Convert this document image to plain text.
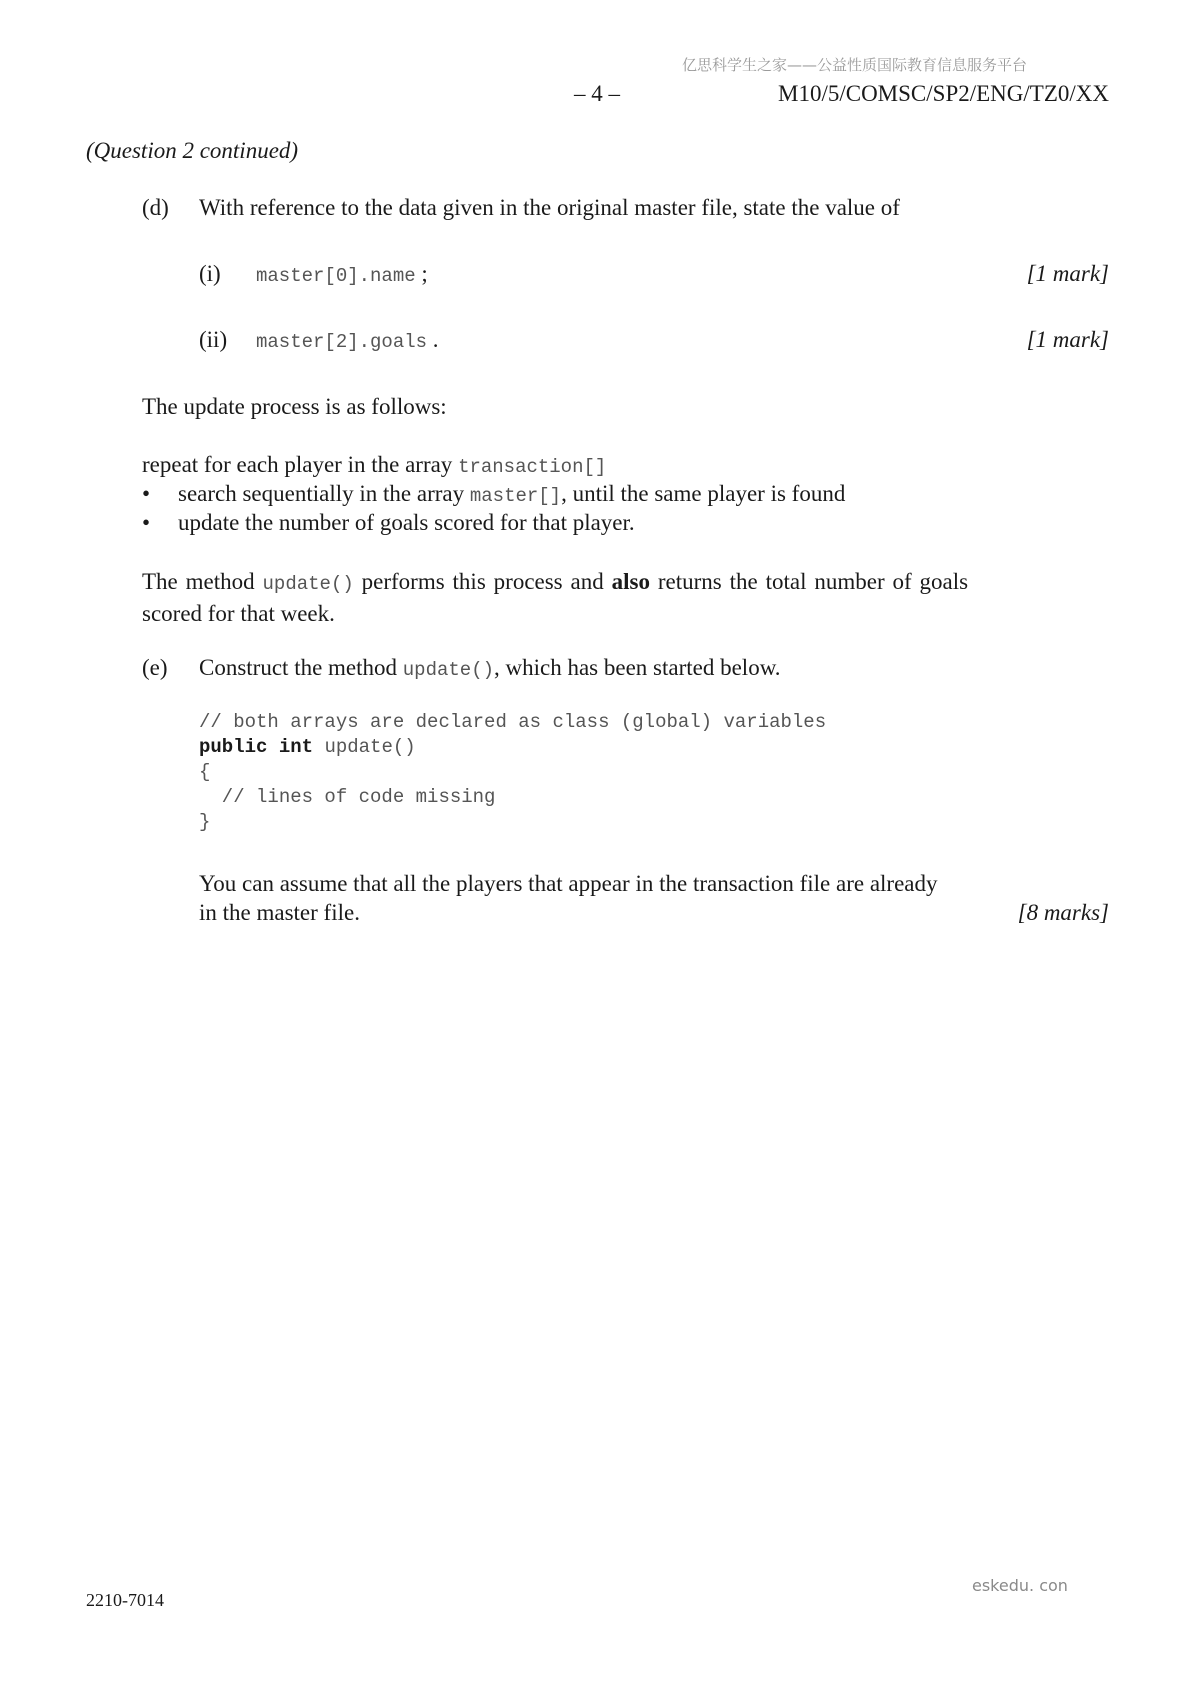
亿思科学生之家——公益性质国际教育信息服务平台
– 4 –	M10/5/COMSC/SP2/ENG/TZ0/XX
(Question 2 continued)
(d) With reference to the data given in the original master file, state the value of
(i) master[0].name ;	[1 mark]
(ii) master[2].goals .	[1 mark]
The update process is as follows:
repeat for each player in the array transaction[]
• search sequentially in the array master[], until the same player is found
• update the number of goals scored for that player.
The method update() performs this process and also returns the total number of goals scored for that week.
(e) Construct the method update(), which has been started below.
// both arrays are declared as class (global) variables
public int update()
{
// lines of code missing
}
You can assume that all the players that appear in the transaction file are already
in the master file.	[8 marks]
eskedu. con
2210-7014
